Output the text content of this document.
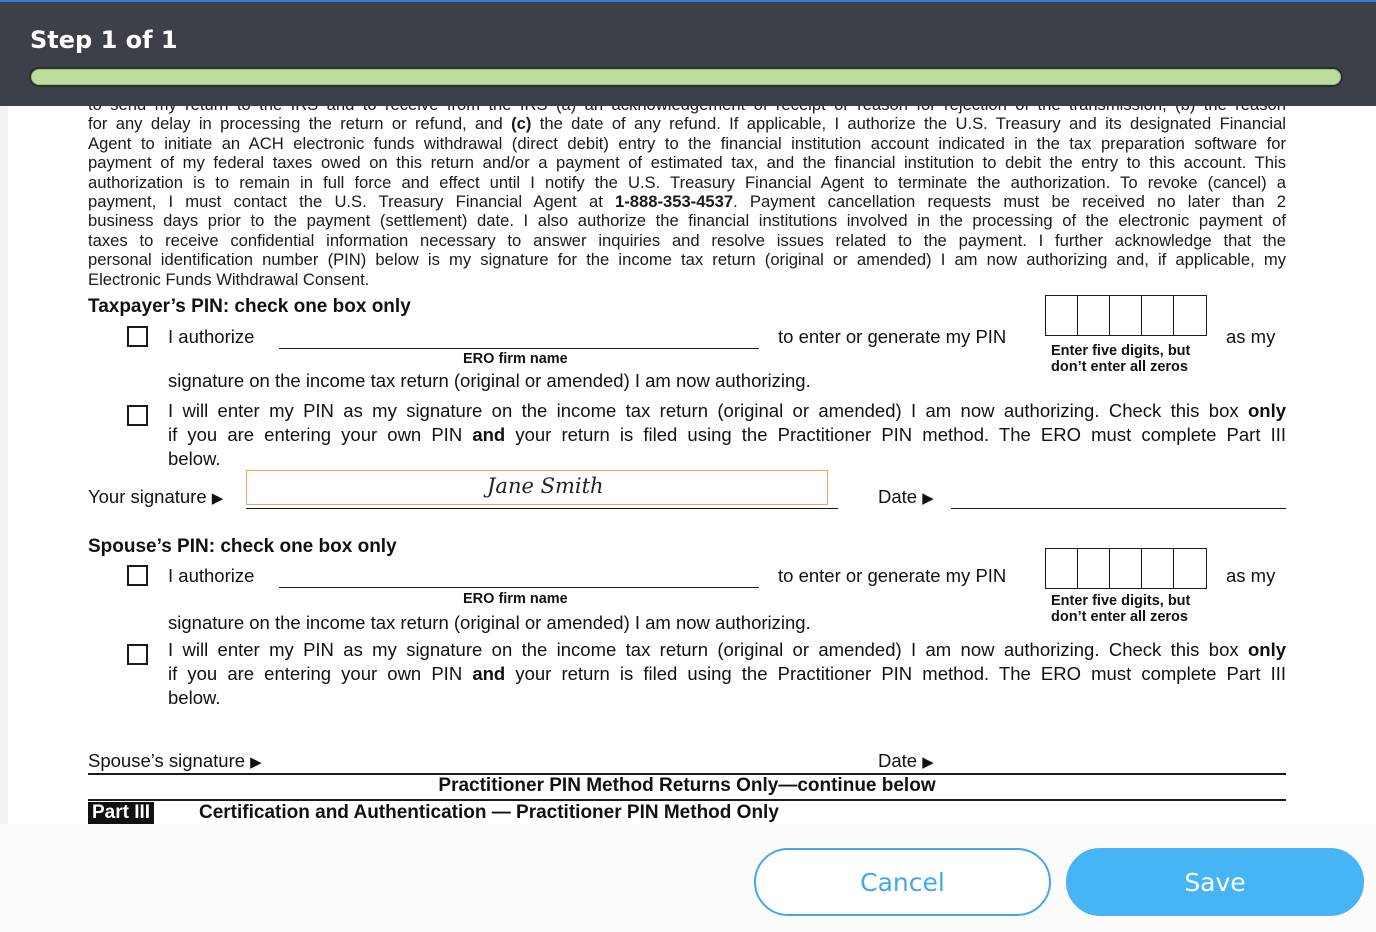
Step 1 of 1
for any delay in processing the return or refund, and (c) the date of any refund. If applicable, I authorize the U.S. Treasury and its designated Financial
Agent to initiate an ACH electronic funds withdrawal (direct debit) entry to the financial institution account indicated in the tax preparation software for
payment of my federal taxes owed on this return and/or a payment of estimated tax, and the financial institution to debit the entry to this account. This
authorization is to remain in full force and effect until I notify the U.S. Treasury Financial Agent to terminate the authorization. To revoke (cancel) a
payment, I must contact the U.S. Treasury Financial Agent at 1-888-353-4537. Payment cancellation requests must be received no later than 2
business days prior to the payment (settlement) date. I also authorize the financial institutions involved in the processing of the electronic payment of
taxes to receive confidential information necessary to answer inquiries and resolve issues related to the payment. I further acknowledge that the
personal identification number (PIN) below is my signature for the income tax return (original or amended) I am now authorizing and, if applicable, my
Electronic Funds Withdrawal Consent.
Taxpayer’s PIN: check one box only
I authorize
ERO firm name
to enter or generate my PIN
Enter five digits, but
don’t enter all zeros
as my
signature on the income tax return (original or amended) I am now authorizing.
I will enter my PIN as my signature on the income tax return (original or amended) I am now authorizing. Check this box only
if you are entering your own PIN and your return is filed using the Practitioner PIN method. The ERO must complete Part III
below.
Your signature ▶
Jane Smith	Date ▶
Spouse’s PIN: check one box only
I authorize
ERO firm name
to enter or generate my PIN
Enter five digits, but
don’t enter all zeros
as my
signature on the income tax return (original or amended) I am now authorizing.
I will enter my PIN as my signature on the income tax return (original or amended) I am now authorizing. Check this box only
if you are entering your own PIN and your return is filed using the Practitioner PIN method. The ERO must complete Part III
below.
Spouse’s signature ▶	Date ▶
Practitioner PIN Method Returns Only—continue below
Part III	Certification and Authentication — Practitioner PIN Method Only
Cancel	Save
